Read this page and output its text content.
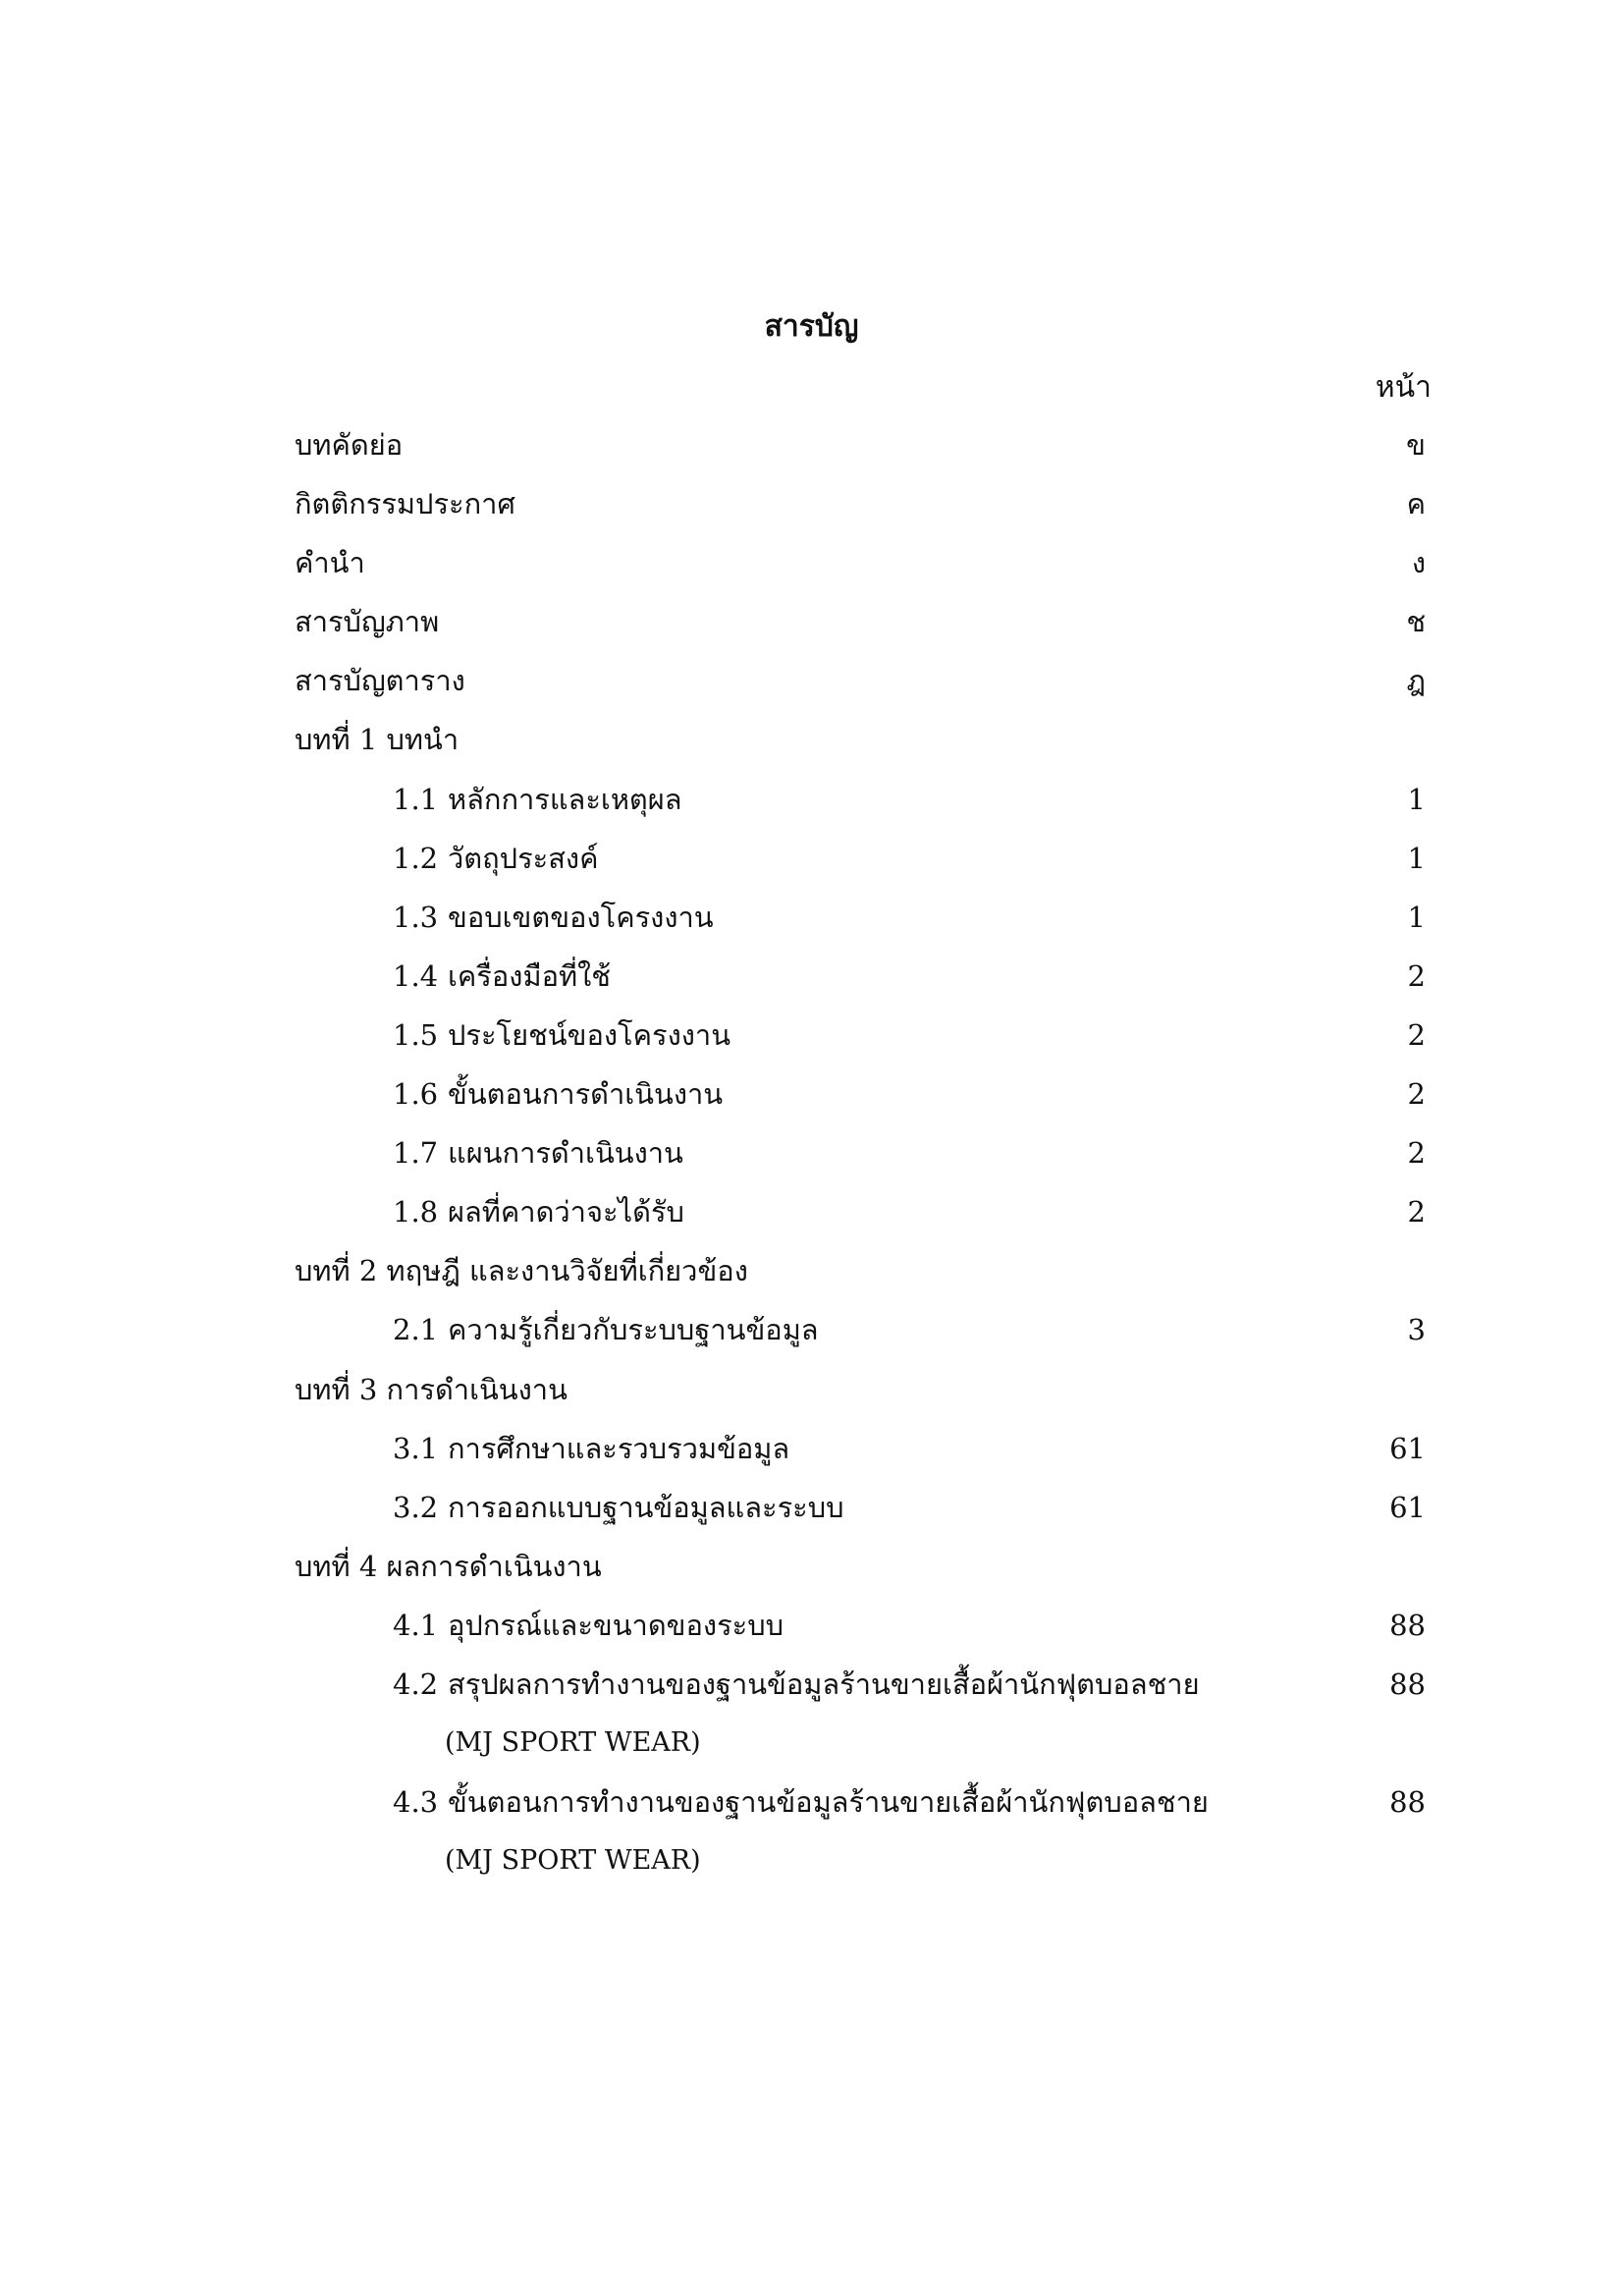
สารบัญ
หน้า
บทคัดย่อ	ข
กิตติกรรมประกาศ	ค
คำนำ	ง
สารบัญภาพ	ช
สารบัญตาราง	ฎ
บทที่ 1 บทนำ
1.1 หลักการและเหตุผล	1
1.2 วัตถุประสงค์	1
1.3 ขอบเขตของโครงงาน	1
1.4 เครื่องมือที่ใช้	2
1.5 ประโยชน์ของโครงงาน	2
1.6 ขั้นตอนการดำเนินงาน	2
1.7 แผนการดำเนินงาน	2
1.8 ผลที่คาดว่าจะได้รับ	2
บทที่ 2 ทฤษฎี และงานวิจัยที่เกี่ยวข้อง
2.1 ความรู้เกี่ยวกับระบบฐานข้อมูล	3
บทที่ 3 การดำเนินงาน
3.1 การศึกษาและรวบรวมข้อมูล	61
3.2 การออกแบบฐานข้อมูลและระบบ	61
บทที่ 4 ผลการดำเนินงาน
4.1 อุปกรณ์และขนาดของระบบ	88
4.2 สรุปผลการทำงานของฐานข้อมูลร้านขายเสื้อผ้านักฟุตบอลชาย	88
(MJ SPORT WEAR)
4.3 ขั้นตอนการทำงานของฐานข้อมูลร้านขายเสื้อผ้านักฟุตบอลชาย	88
(MJ SPORT WEAR)
